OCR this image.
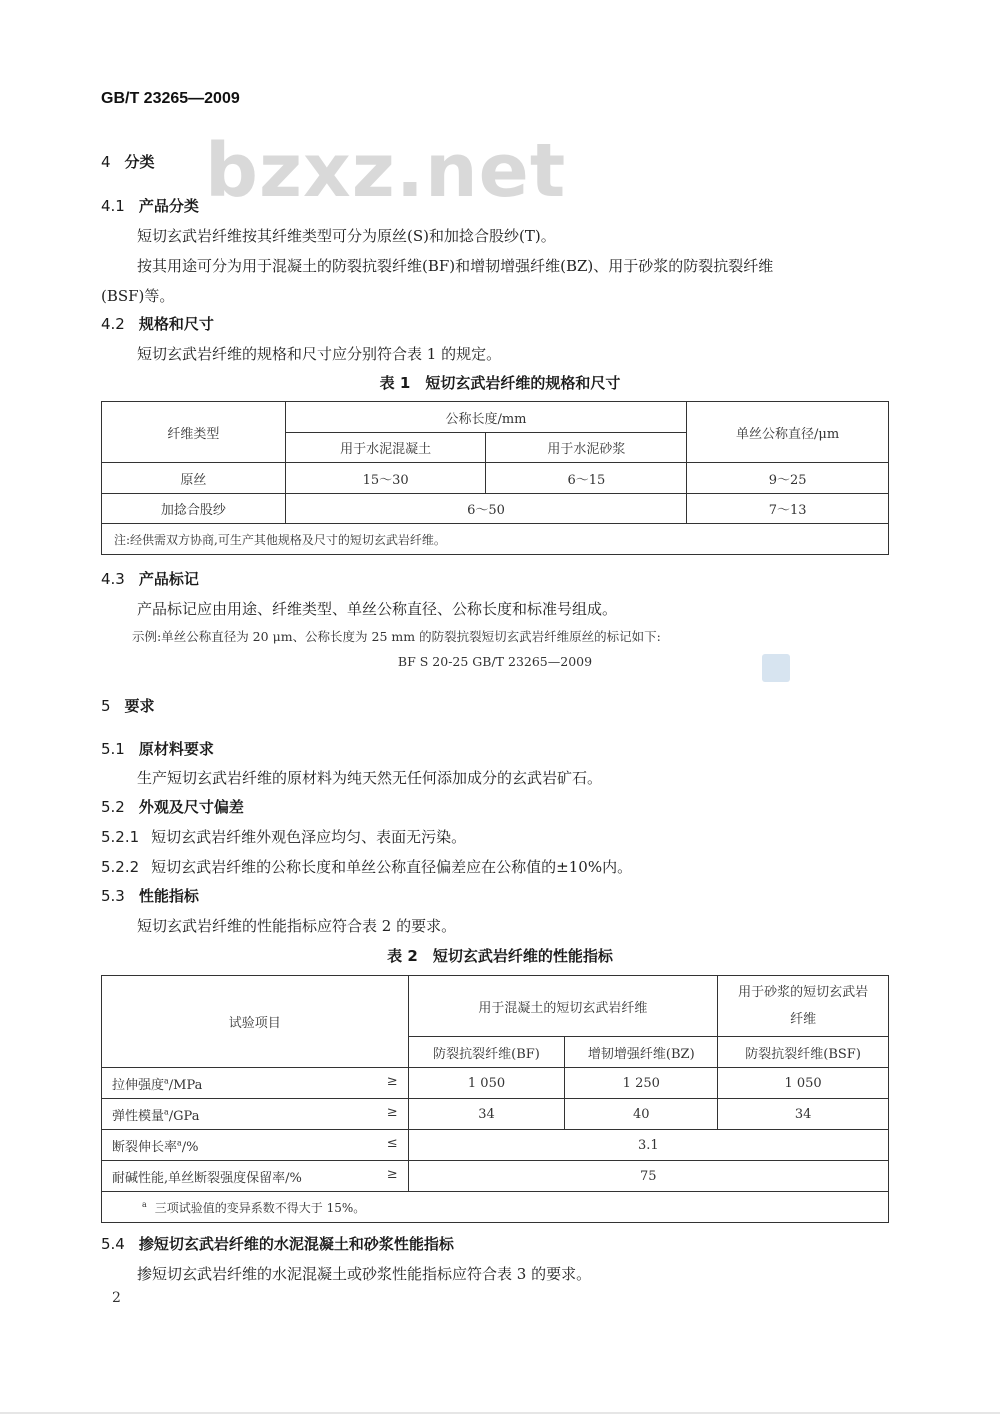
bzxz.net
GB/T 23265—2009
4 分类
4.1 产品分类
短切玄武岩纤维按其纤维类型可分为原丝(S)和加捻合股纱(T)。
按其用途可分为用于混凝土的防裂抗裂纤维(BF)和增韧增强纤维(BZ)、用于砂浆的防裂抗裂纤维
(BSF)等。
4.2 规格和尺寸
短切玄武岩纤维的规格和尺寸应分别符合表 1 的规定。
表 1　短切玄武岩纤维的规格和尺寸
纤维类型	公称长度/mm		单丝公称直径/μm
	用于水泥混凝土	用于水泥砂浆	
原丝	15～30	6～15	9～25
加捻合股纱	6～50		7～13
注:经供需双方协商,可生产其他规格及尺寸的短切玄武岩纤维。			
4.3 产品标记
产品标记应由用途、纤维类型、单丝公称直径、公称长度和标准号组成。
示例:单丝公称直径为 20 μm、公称长度为 25 mm 的防裂抗裂短切玄武岩纤维原丝的标记如下:
BF S 20-25 GB/T 23265—2009
5 要求
5.1 原材料要求
生产短切玄武岩纤维的原材料为纯天然无任何添加成分的玄武岩矿石。
5.2 外观及尺寸偏差
5.2.1 短切玄武岩纤维外观色泽应均匀、表面无污染。
5.2.2 短切玄武岩纤维的公称长度和单丝公称直径偏差应在公称值的±10%内。
5.3 性能指标
短切玄武岩纤维的性能指标应符合表 2 的要求。
表 2　短切玄武岩纤维的性能指标
试验项目	用于混凝土的短切玄武岩纤维		用于砂浆的短切玄武岩
纤维

	防裂抗裂纤维(BF)	增韧增强纤维(BZ)	防裂抗裂纤维(BSF)

拉伸强度$^a$/MPa ≥	1 050	1 250	1 050

弹性模量$^a$/GPa ≥	34	40	34

断裂伸长率$^a$/% ≤	3.1		

耐碱性能,单丝断裂强度保留率/% ≥	75		
$^a$ 三项试验值的变异系数不得大于 15%。			
5.4 掺短切玄武岩纤维的水泥混凝土和砂浆性能指标
掺短切玄武岩纤维的水泥混凝土或砂浆性能指标应符合表 3 的要求。
2
